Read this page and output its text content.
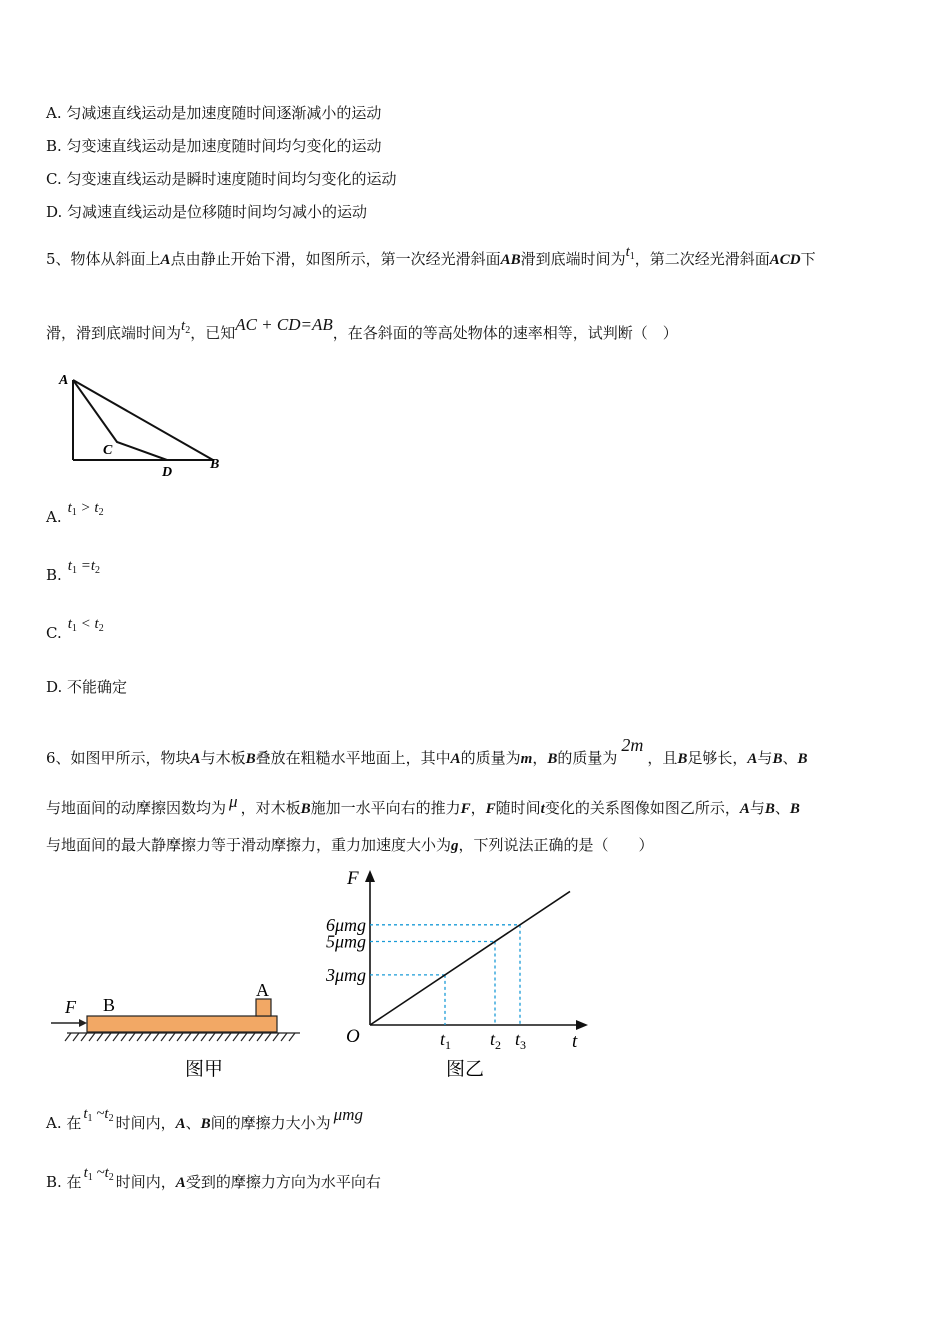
A. 匀减速直线运动是加速度随时间逐渐减小的运动
B. 匀变速直线运动是加速度随时间均匀变化的运动
C. 匀变速直线运动是瞬时速度随时间均匀变化的运动
D. 匀减速直线运动是位移随时间均匀减小的运动
5、物体从斜面上A点由静止开始下滑，如图所示，第一次经光滑斜面AB滑到底端时间为$t_1$，第二次经光滑斜面ACD下
滑，滑到底端时间为$t_2$，已知AC + CD=AB，在各斜面的等高处物体的速率相等，试判断（　）
A
C
D
B
A. $t_1 > t_2$
B. $t_1 =t_2$
C. $t_1 < t_2$
D. 不能确定
6、如图甲所示，物块A与木板B叠放在粗糙水平地面上，其中A的质量为m，B的质量为2m，且B足够长，A与B、B
与地面间的动摩擦因数均为 μ ，对木板B施加一水平向右的推力F，F随时间t变化的关系图像如图乙所示，A与B、B
与地面间的最大静摩擦力等于滑动摩擦力，重力加速度大小为g，下列说法正确的是（　　）
F B
A
图甲
F
O	t
3μmg
5μmg
6μmg
$t_1$ $t_2$ $t_3$
图乙
A. 在 $t_1$ $\sim t_2$ 时间内，A、B间的摩擦力大小为 μmg
B. 在 $t_1$ $\sim t_2$ 时间内，A受到的摩擦力方向为水平向右
